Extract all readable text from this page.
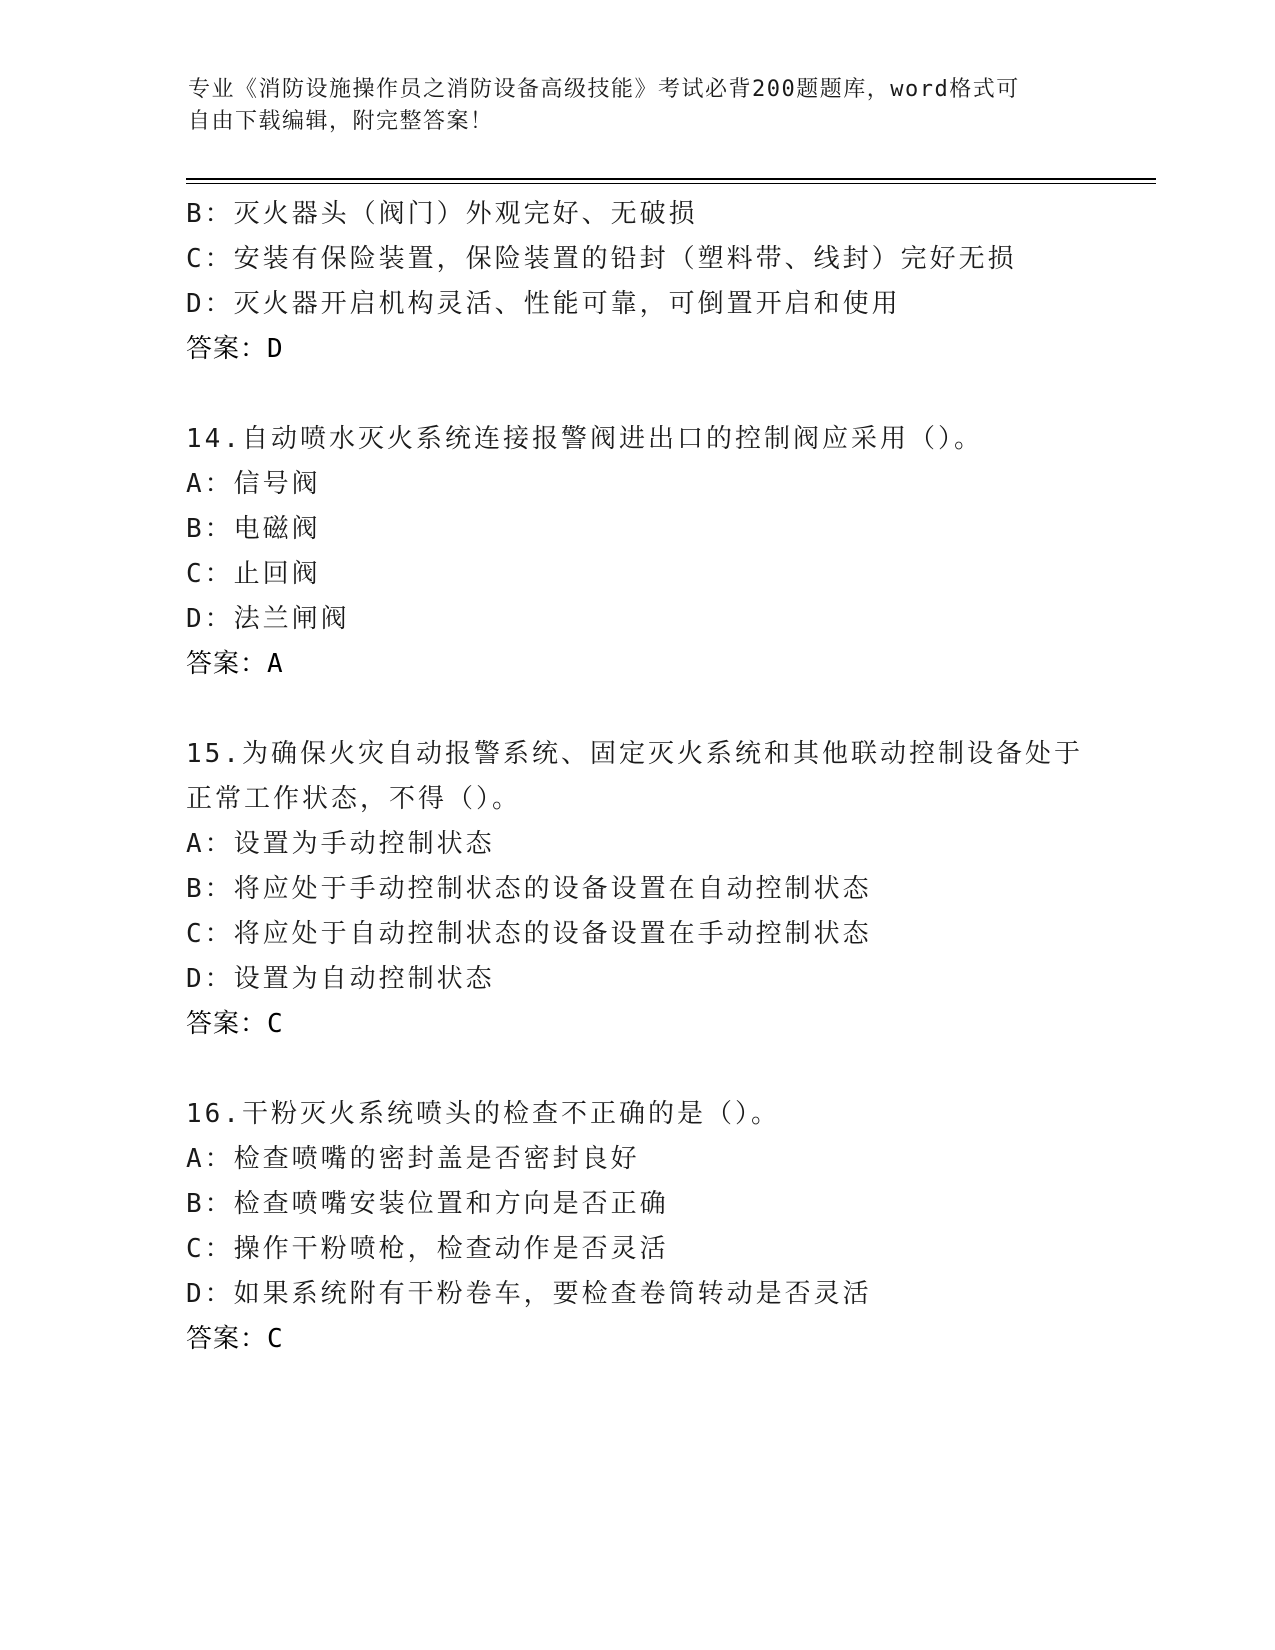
专业《消防设施操作员之消防设备高级技能》考试必背200题题库，word格式可

自由下载编辑，附完整答案！

B：灭火器头（阀门）外观完好、无破损
C：安装有保险装置，保险装置的铅封（塑料带、线封）完好无损
D：灭火器开启机构灵活、性能可靠，可倒置开启和使用
答案：D
14.自动喷水灭火系统连接报警阀进出口的控制阀应采用（）。
A：信号阀
B：电磁阀
C：止回阀
D：法兰闸阀
答案：A
15.为确保火灾自动报警系统、固定灭火系统和其他联动控制设备处于
正常工作状态，不得（）。
A：设置为手动控制状态
B：将应处于手动控制状态的设备设置在自动控制状态
C：将应处于自动控制状态的设备设置在手动控制状态
D：设置为自动控制状态
答案：C
16.干粉灭火系统喷头的检查不正确的是（）。
A：检查喷嘴的密封盖是否密封良好
B：检查喷嘴安装位置和方向是否正确
C：操作干粉喷枪，检查动作是否灵活
D：如果系统附有干粉卷车，要检查卷筒转动是否灵活
答案：C
